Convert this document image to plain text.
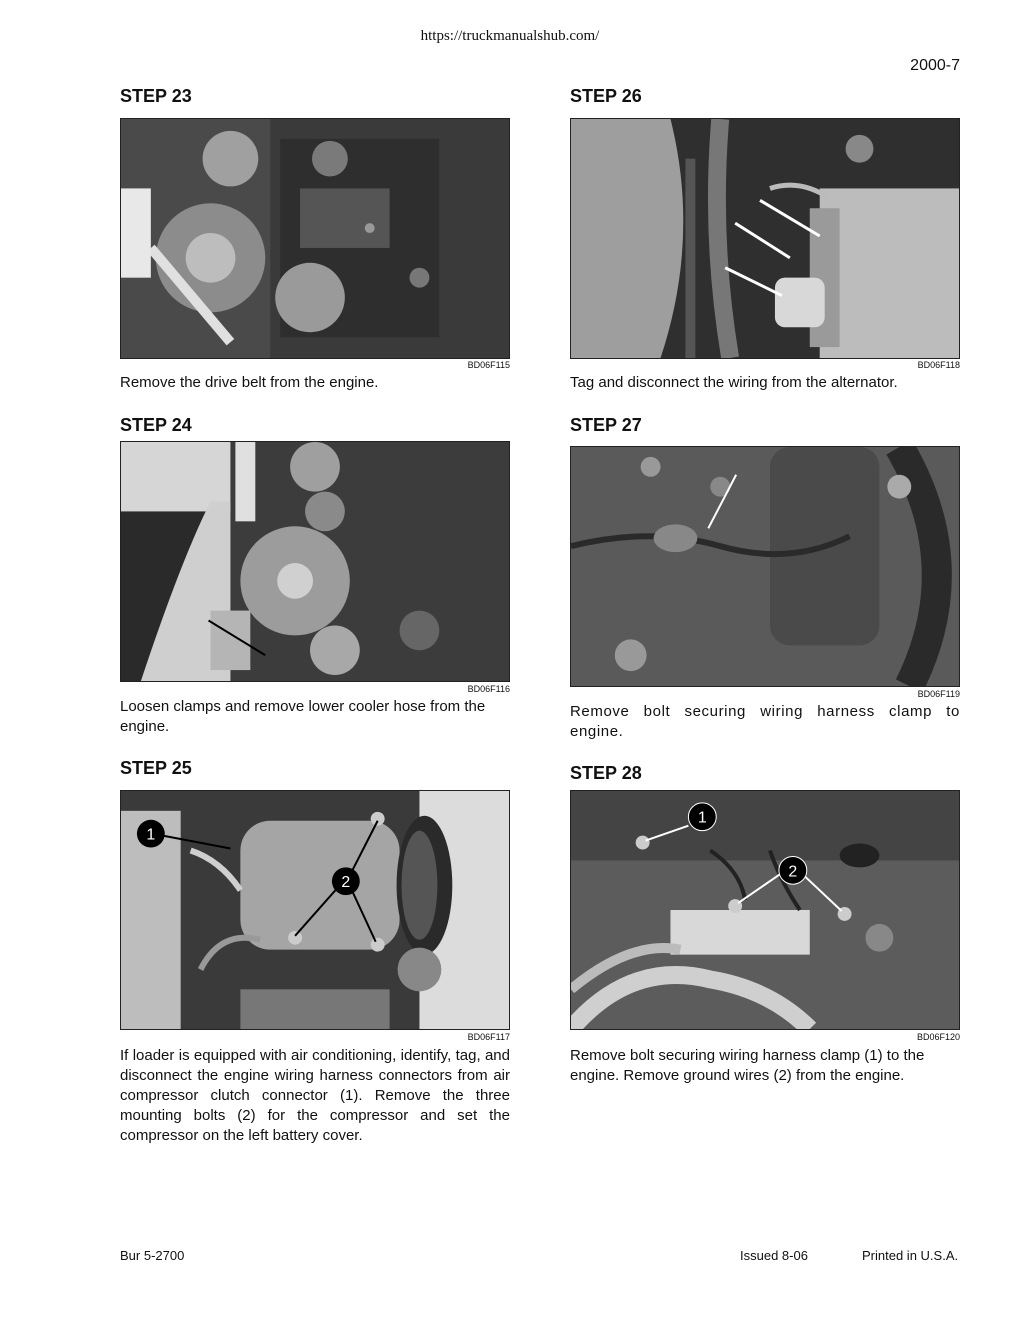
https://truckmanualshub.com/
2000-7
STEP 23
BD06F115
Remove the drive belt from the engine.
STEP 24
BD06F116
Loosen clamps and remove lower cooler hose from the engine.
STEP 25
1
2
BD06F117
If loader is equipped with air conditioning, identify, tag, and disconnect the engine wiring harness connectors from air compressor clutch connector (1). Remove the three mounting bolts (2) for the compressor and set the compressor on the left battery cover.
STEP 26
BD06F118
Tag and disconnect the wiring from the alternator.
STEP 27
BD06F119
Remove bolt securing wiring harness clamp to engine.
STEP 28
1
2
BD06F120
Remove bolt securing wiring harness clamp (1) to the engine. Remove ground wires (2) from the engine.
Bur 5-2700	Issued 8-06	Printed in U.S.A.
